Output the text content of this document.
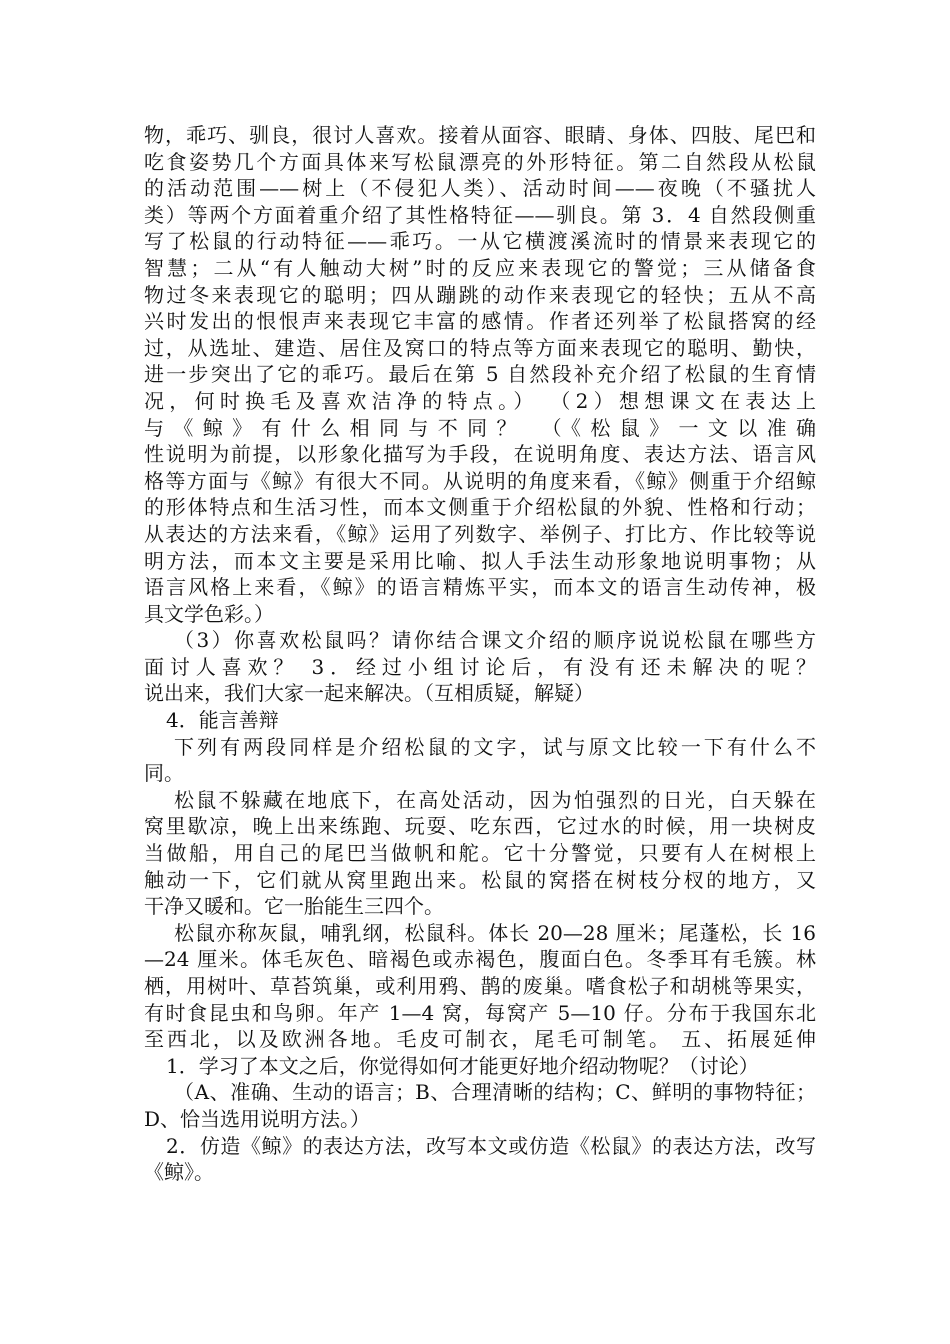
物，乖巧、驯良，很讨人喜欢。接着从面容、眼睛、身体、四肢、尾巴和
吃食姿势几个方面具体来写松鼠漂亮的外形特征。第二自然段从松鼠
的活动范围——树上（不侵犯人类）、活动时间——夜晚（不骚扰人
类）等两个方面着重介绍了其性格特征——驯良。第 3．4 自然段侧重
写了松鼠的行动特征——乖巧。一从它横渡溪流时的情景来表现它的
智慧；二从“有人触动大树”时的反应来表现它的警觉；三从储备食
物过冬来表现它的聪明；四从蹦跳的动作来表现它的轻快；五从不高
兴时发出的恨恨声来表现它丰富的感情。作者还列举了松鼠搭窝的经
过，从选址、建造、居住及窝口的特点等方面来表现它的聪明、勤快，
进一步突出了它的乖巧。最后在第 5 自然段补充介绍了松鼠的生育情
况，何时换毛及喜欢洁净的特点。） （2）想想课文在表达上
与《鲸》有什么相同与不同？ （《松鼠》一文以准确
性说明为前提，以形象化描写为手段，在说明角度、表达方法、语言风
格等方面与《鲸》有很大不同。从说明的角度来看，《鲸》侧重于介绍鲸
的形体特点和生活习性，而本文侧重于介绍松鼠的外貌、性格和行动；
从表达的方法来看，《鲸》运用了列数字、举例子、打比方、作比较等说
明方法，而本文主要是采用比喻、拟人手法生动形象地说明事物；从
语言风格上来看，《鲸》的语言精炼平实，而本文的语言生动传神，极
具文学色彩。）
（3）你喜欢松鼠吗？请你结合课文介绍的顺序说说松鼠在哪些方
面讨人喜欢？ 3．经过小组讨论后，有没有还未解决的呢？
说出来，我们大家一起来解决。（互相质疑，解疑）
4．能言善辩
下列有两段同样是介绍松鼠的文字，试与原文比较一下有什么不
同。
松鼠不躲藏在地底下，在高处活动，因为怕强烈的日光，白天躲在
窝里歇凉，晚上出来练跑、玩耍、吃东西，它过水的时候，用一块树皮
当做船，用自己的尾巴当做帆和舵。它十分警觉，只要有人在树根上
触动一下，它们就从窝里跑出来。松鼠的窝搭在树枝分杈的地方，又
干净又暖和。它一胎能生三四个。
松鼠亦称灰鼠，哺乳纲，松鼠科。体长 20—28 厘米；尾蓬松，长 16
—24 厘米。体毛灰色、暗褐色或赤褐色，腹面白色。冬季耳有毛簇。林
栖，用树叶、草苔筑巢，或利用鸦、鹊的废巢。嗜食松子和胡桃等果实，
有时食昆虫和鸟卵。年产 1—4 窝，每窝产 5—10 仔。分布于我国东北
至西北，以及欧洲各地。毛皮可制衣，尾毛可制笔。 五、拓展延伸
1．学习了本文之后，你觉得如何才能更好地介绍动物呢？（讨论）
（A、准确、生动的语言；B、合理清晰的结构；C、鲜明的事物特征；
D、恰当选用说明方法。）
2．仿造《鲸》的表达方法，改写本文或仿造《松鼠》的表达方法，改写
《鲸》。
